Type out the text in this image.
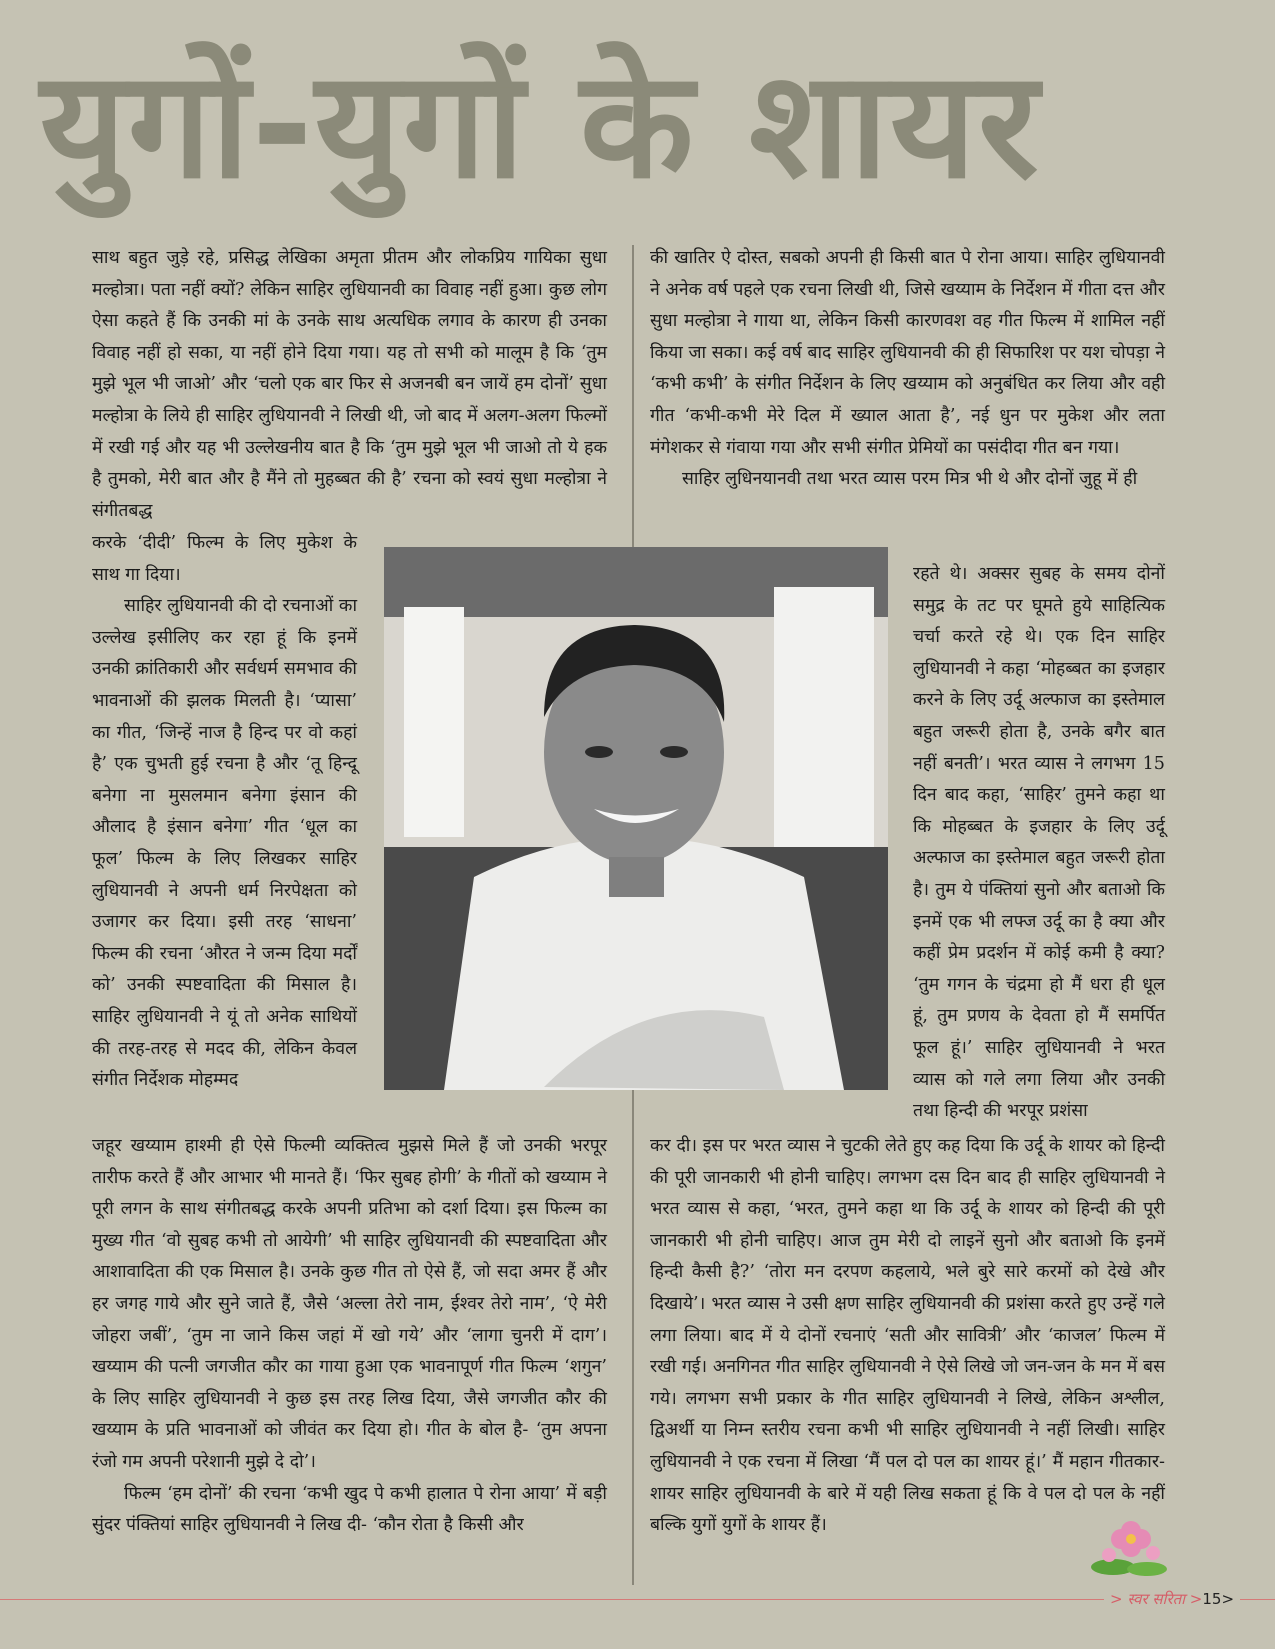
युगों-युगों के शायर

साथ बहुत जुड़े रहे, प्रसिद्ध लेखिका अमृता प्रीतम और लोकप्रिय गायिका सुधा मल्होत्रा। पता नहीं क्यों? लेकिन साहिर लुधियानवी का विवाह नहीं हुआ। कुछ लोग ऐसा कहते हैं कि उनकी मां के उनके साथ अत्यधिक लगाव के कारण ही उनका विवाह नहीं हो सका, या नहीं होने दिया गया। यह तो सभी को मालूम है कि ‘तुम मुझे भूल भी जाओ’ और ‘चलो एक बार फिर से अजनबी बन जायें हम दोनों’ सुधा मल्होत्रा के लिये ही साहिर लुधियानवी ने लिखी थी, जो बाद में अलग-अलग फिल्मों में रखी गई और यह भी उल्लेखनीय बात है कि ‘तुम मुझे भूल भी जाओ तो ये हक है तुमको, मेरी बात और है मैंने तो मुहब्बत की है’ रचना को स्वयं सुधा मल्होत्रा ने संगीतबद्ध

करके ‘दीदी’ फिल्म के लिए मुकेश के साथ गा दिया।

साहिर लुधियानवी की दो रचनाओं का उल्लेख इसीलिए कर रहा हूं कि इनमें उनकी क्रांतिकारी और सर्वधर्म समभाव की भावनाओं की झलक मिलती है। ‘प्यासा’ का गीत, ‘जिन्हें नाज है हिन्द पर वो कहां है’ एक चुभती हुई रचना है और ‘तू हिन्दू बनेगा ना मुसलमान बनेगा इंसान की औलाद है इंसान बनेगा’ गीत ‘धूल का फूल’ फिल्म के लिए लिखकर साहिर लुधियानवी ने अपनी धर्म निरपेक्षता को उजागर कर दिया। इसी तरह ‘साधना’ फिल्म की रचना ‘औरत ने जन्म दिया मर्दों को’ उनकी स्पष्टवादिता की मिसाल है। साहिर लुधियानवी ने यूं तो अनेक साथियों की तरह-तरह से मदद की, लेकिन केवल संगीत निर्देशक मोहम्मद

जहूर खय्याम हाश्मी ही ऐसे फिल्मी व्यक्तित्व मुझसे मिले हैं जो उनकी भरपूर तारीफ करते हैं और आभार भी मानते हैं। ‘फिर सुबह होगी’ के गीतों को खय्याम ने पूरी लगन के साथ संगीतबद्ध करके अपनी प्रतिभा को दर्शा दिया। इस फिल्म का मुख्य गीत ‘वो सुबह कभी तो आयेगी’ भी साहिर लुधियानवी की स्पष्टवादिता और आशावादिता की एक मिसाल है। उनके कुछ गीत तो ऐसे हैं, जो सदा अमर हैं और हर जगह गाये और सुने जाते हैं, जैसे ‘अल्ला तेरो नाम, ईश्वर तेरो नाम’, ‘ऐ मेरी जोहरा जबीं’, ‘तुम ना जाने किस जहां में खो गये’ और ‘लागा चुनरी में दाग’। खय्याम की पत्नी जगजीत कौर का गाया हुआ एक भावनापूर्ण गीत फिल्म ‘शगुन’ के लिए साहिर लुधियानवी ने कुछ इस तरह लिख दिया, जैसे जगजीत कौर की खय्याम के प्रति भावनाओं को जीवंत कर दिया हो। गीत के बोल है- ‘तुम अपना रंजो गम अपनी परेशानी मुझे दे दो’।

फिल्म ‘हम दोनों’ की रचना ‘कभी खुद पे कभी हालात पे रोना आया’ में बड़ी सुंदर पंक्तियां साहिर लुधियानवी ने लिख दी- ‘कौन रोता है किसी और

की खातिर ऐ दोस्त, सबको अपनी ही किसी बात पे रोना आया। साहिर लुधियानवी ने अनेक वर्ष पहले एक रचना लिखी थी, जिसे खय्याम के निर्देशन में गीता दत्त और सुधा मल्होत्रा ने गाया था, लेकिन किसी कारणवश वह गीत फिल्म में शामिल नहीं किया जा सका। कई वर्ष बाद साहिर लुधियानवी की ही सिफारिश पर यश चोपड़ा ने ‘कभी कभी’ के संगीत निर्देशन के लिए खय्याम को अनुबंधित कर लिया और वही गीत ‘कभी-कभी मेरे दिल में ख्याल आता है’, नई धुन पर मुकेश और लता मंगेशकर से गंवाया गया और सभी संगीत प्रेमियों का पसंदीदा गीत बन गया।

साहिर लुधिनयानवी तथा भरत व्यास परम मित्र भी थे और दोनों जुहू में ही

रहते थे। अक्सर सुबह के समय दोनों समुद्र के तट पर घूमते हुये साहित्यिक चर्चा करते रहे थे। एक दिन साहिर लुधियानवी ने कहा ‘मोहब्बत का इजहार करने के लिए उर्दू अल्फाज का इस्तेमाल बहुत जरूरी होता है, उनके बगैर बात नहीं बनती’। भरत व्यास ने लगभग 15 दिन बाद कहा, ‘साहिर’ तुमने कहा था कि मोहब्बत के इजहार के लिए उर्दू अल्फाज का इस्तेमाल बहुत जरूरी होता है। तुम ये पंक्तियां सुनो और बताओ कि इनमें एक भी लफ्ज उर्दू का है क्या और कहीं प्रेम प्रदर्शन में कोई कमी है क्या? ‘तुम गगन के चंद्रमा हो मैं धरा ही धूल हूं, तुम प्रणय के देवता हो मैं समर्पित फूल हूं।’ साहिर लुधियानवी ने भरत व्यास को गले लगा लिया और उनकी तथा हिन्दी की भरपूर प्रशंसा

कर दी। इस पर भरत व्यास ने चुटकी लेते हुए कह दिया कि उर्दू के शायर को हिन्दी की पूरी जानकारी भी होनी चाहिए। लगभग दस दिन बाद ही साहिर लुधियानवी ने भरत व्यास से कहा, ‘भरत, तुमने कहा था कि उर्दू के शायर को हिन्दी की पूरी जानकारी भी होनी चाहिए। आज तुम मेरी दो लाइनें सुनो और बताओ कि इनमें हिन्दी कैसी है?’ ‘तोरा मन दरपण कहलाये, भले बुरे सारे करमों को देखे और दिखाये’। भरत व्यास ने उसी क्षण साहिर लुधियानवी की प्रशंसा करते हुए उन्हें गले लगा लिया। बाद में ये दोनों रचनाएं ‘सती और सावित्री’ और ‘काजल’ फिल्म में रखी गई। अनगिनत गीत साहिर लुधियानवी ने ऐसे लिखे जो जन-जन के मन में बस गये। लगभग सभी प्रकार के गीत साहिर लुधियानवी ने लिखे, लेकिन अश्लील, द्विअर्थी या निम्न स्तरीय रचना कभी भी साहिर लुधियानवी ने नहीं लिखी। साहिर लुधियानवी ने एक रचना में लिखा ‘मैं पल दो पल का शायर हूं।’ मैं महान गीतकार-शायर साहिर लुधियानवी के बारे में यही लिख सकता हूं कि वे पल दो पल के नहीं बल्कि युगों युगों के शायर हैं।

> स्वर सरिता >15>
